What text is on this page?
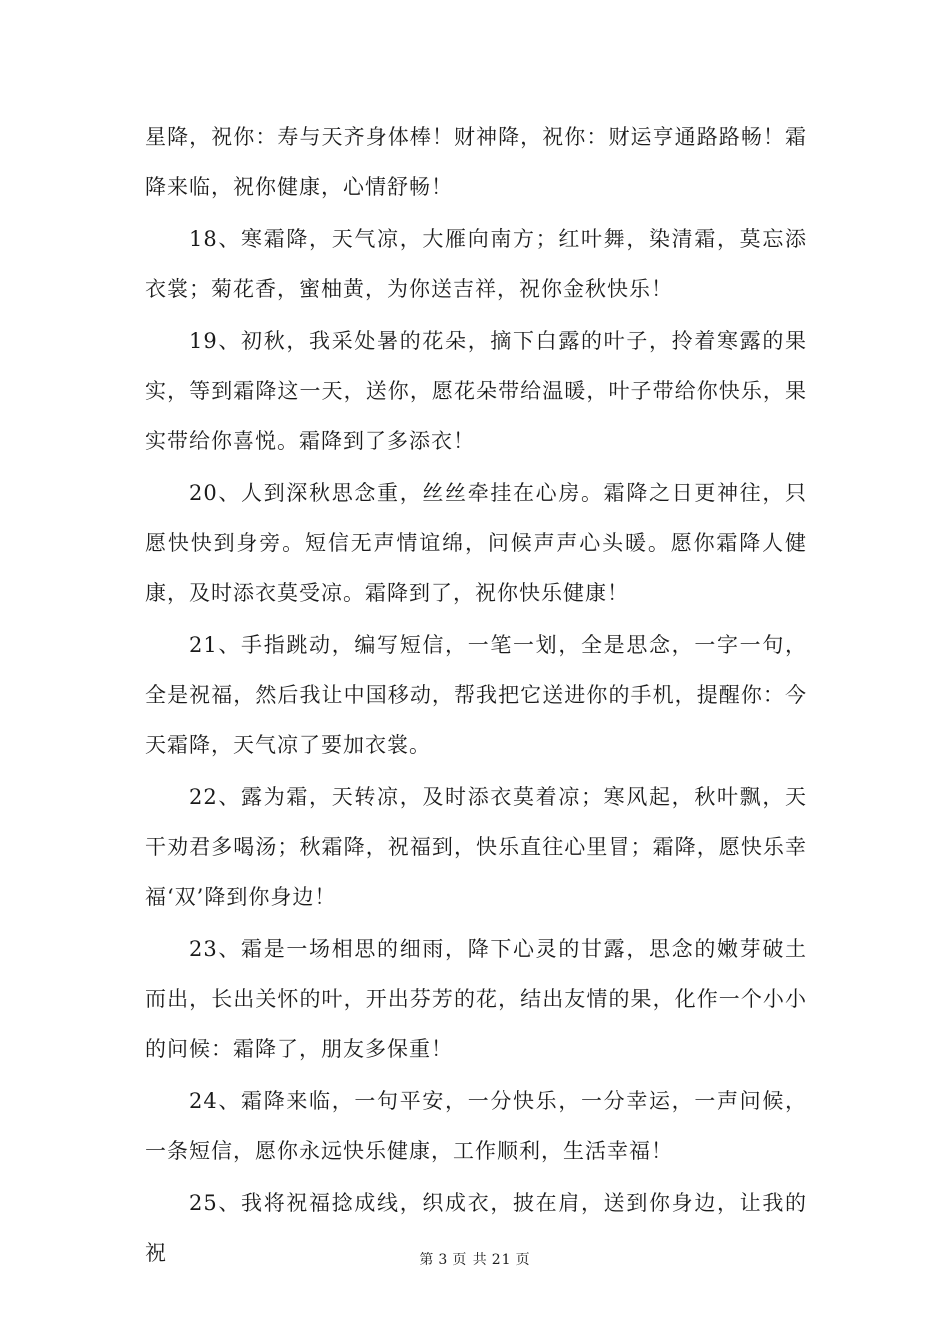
星降，祝你：寿与天齐身体棒！财神降，祝你：财运亨通路路畅！霜降来临，祝你健康，心情舒畅！

18、寒霜降，天气凉，大雁向南方；红叶舞，染清霜，莫忘添衣裳；菊花香，蜜柚黄，为你送吉祥，祝你金秋快乐！

19、初秋，我采处暑的花朵，摘下白露的叶子，拎着寒露的果实，等到霜降这一天，送你，愿花朵带给温暖，叶子带给你快乐，果实带给你喜悦。霜降到了多添衣！

20、人到深秋思念重，丝丝牵挂在心房。霜降之日更神往，只愿快快到身旁。短信无声情谊绵，问候声声心头暖。愿你霜降人健康，及时添衣莫受凉。霜降到了，祝你快乐健康！

21、手指跳动，编写短信，一笔一划，全是思念，一字一句，全是祝福，然后我让中国移动，帮我把它送进你的手机，提醒你：今天霜降，天气凉了要加衣裳。

22、露为霜，天转凉，及时添衣莫着凉；寒风起，秋叶飘，天干劝君多喝汤；秋霜降，祝福到，快乐直往心里冒；霜降，愿快乐幸福‘双’降到你身边！

23、霜是一场相思的细雨，降下心灵的甘露，思念的嫩芽破土而出，长出关怀的叶，开出芬芳的花，结出友情的果，化作一个小小的问候：霜降了，朋友多保重！

24、霜降来临，一句平安，一分快乐，一分幸运，一声问候，一条短信，愿你永远快乐健康，工作顺利，生活幸福！

25、我将祝福捻成线，织成衣，披在肩，送到你身边，让我的祝	第 3 页 共 21 页
